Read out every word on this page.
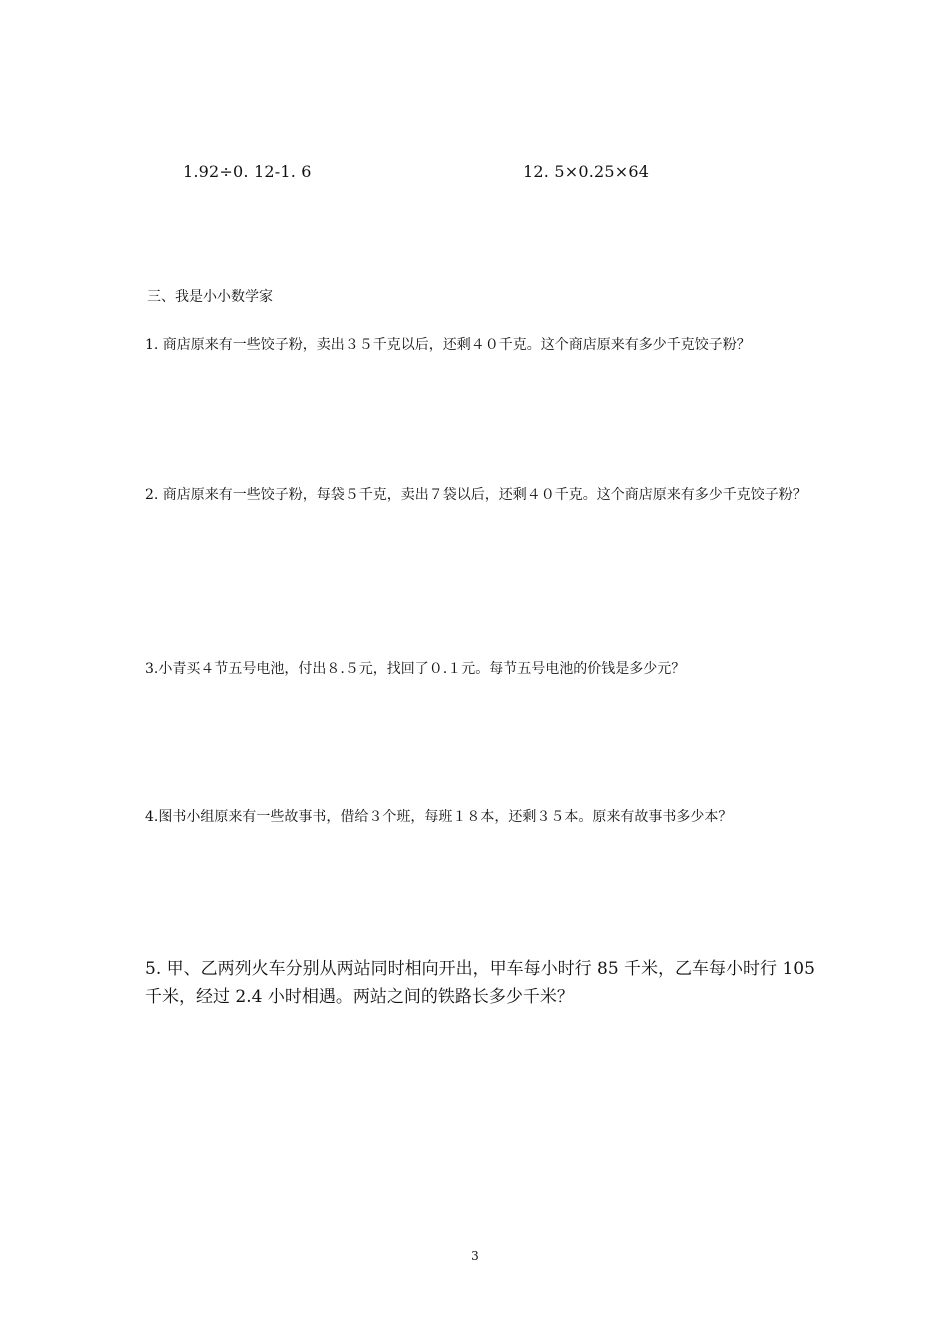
1.92÷0. 12-1. 6	12. 5×0.25×64
三、我是小小数学家
1. 商店原来有一些饺子粉，卖出３５千克以后，还剩４０千克。这个商店原来有多少千克饺子粉？
2. 商店原来有一些饺子粉，每袋５千克，卖出７袋以后，还剩４０千克。这个商店原来有多少千克饺子粉？
3.小青买４节五号电池，付出８.５元，找回了０.１元。每节五号电池的价钱是多少元？
4.图书小组原来有一些故事书，借给３个班，每班１８本，还剩３５本。原来有故事书多少本？
5. 甲、乙两列火车分别从两站同时相向开出，甲车每小时行 85 千米，乙车每小时行 105 千米，经过 2.4 小时相遇。两站之间的铁路长多少千米？
3
